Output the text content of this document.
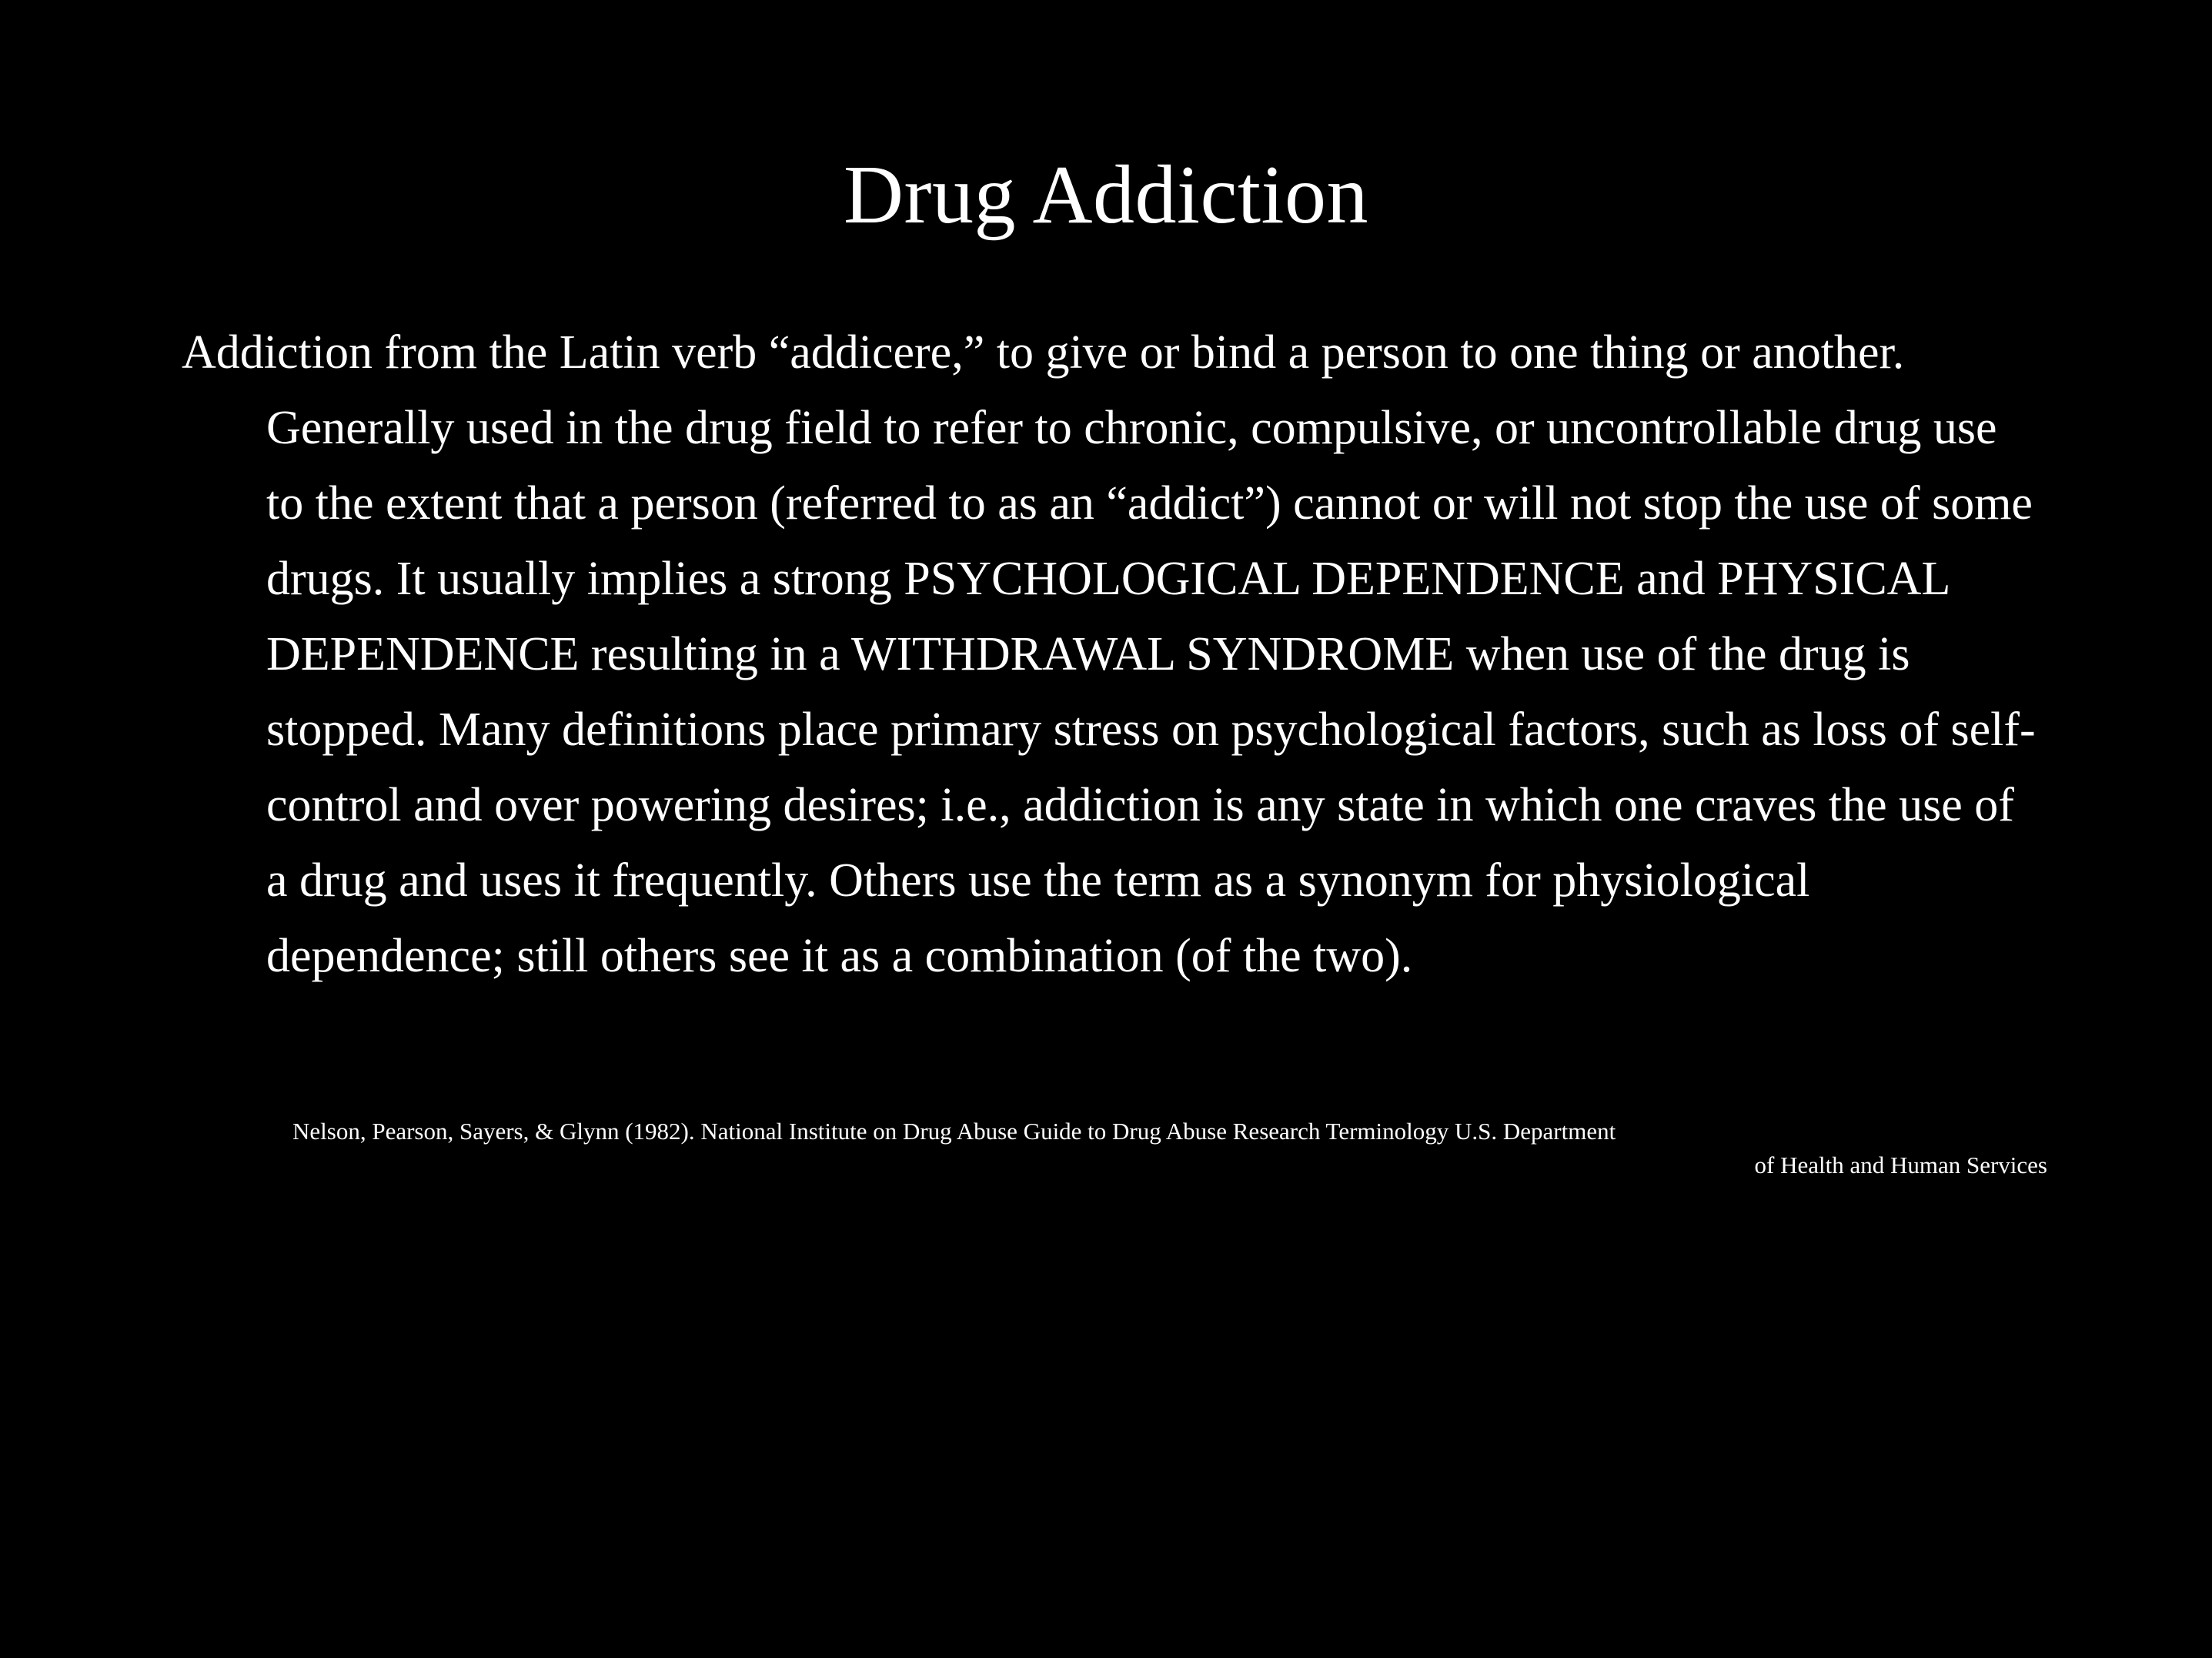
Drug Addiction

Addiction from the Latin verb “addicere,” to give or bind a person to one thing or another. Generally used in the drug field to refer to chronic, compulsive, or uncontrollable drug use to the extent that a person (referred to as an “addict”) cannot or will not stop the use of some drugs. It usually implies a strong PSYCHOLOGICAL DEPENDENCE and PHYSICAL DEPENDENCE resulting in a WITHDRAWAL SYNDROME when use of the drug is stopped. Many definitions place primary stress on psychological factors, such as loss of self-control and over powering desires; i.e., addiction is any state in which one craves the use of a drug and uses it frequently. Others use the term as a synonym for physiological dependence; still others see it as a combination (of the two).

Nelson, Pearson, Sayers, & Glynn (1982). National Institute on Drug Abuse Guide to Drug Abuse Research Terminology U.S. Department
of Health and Human Services
